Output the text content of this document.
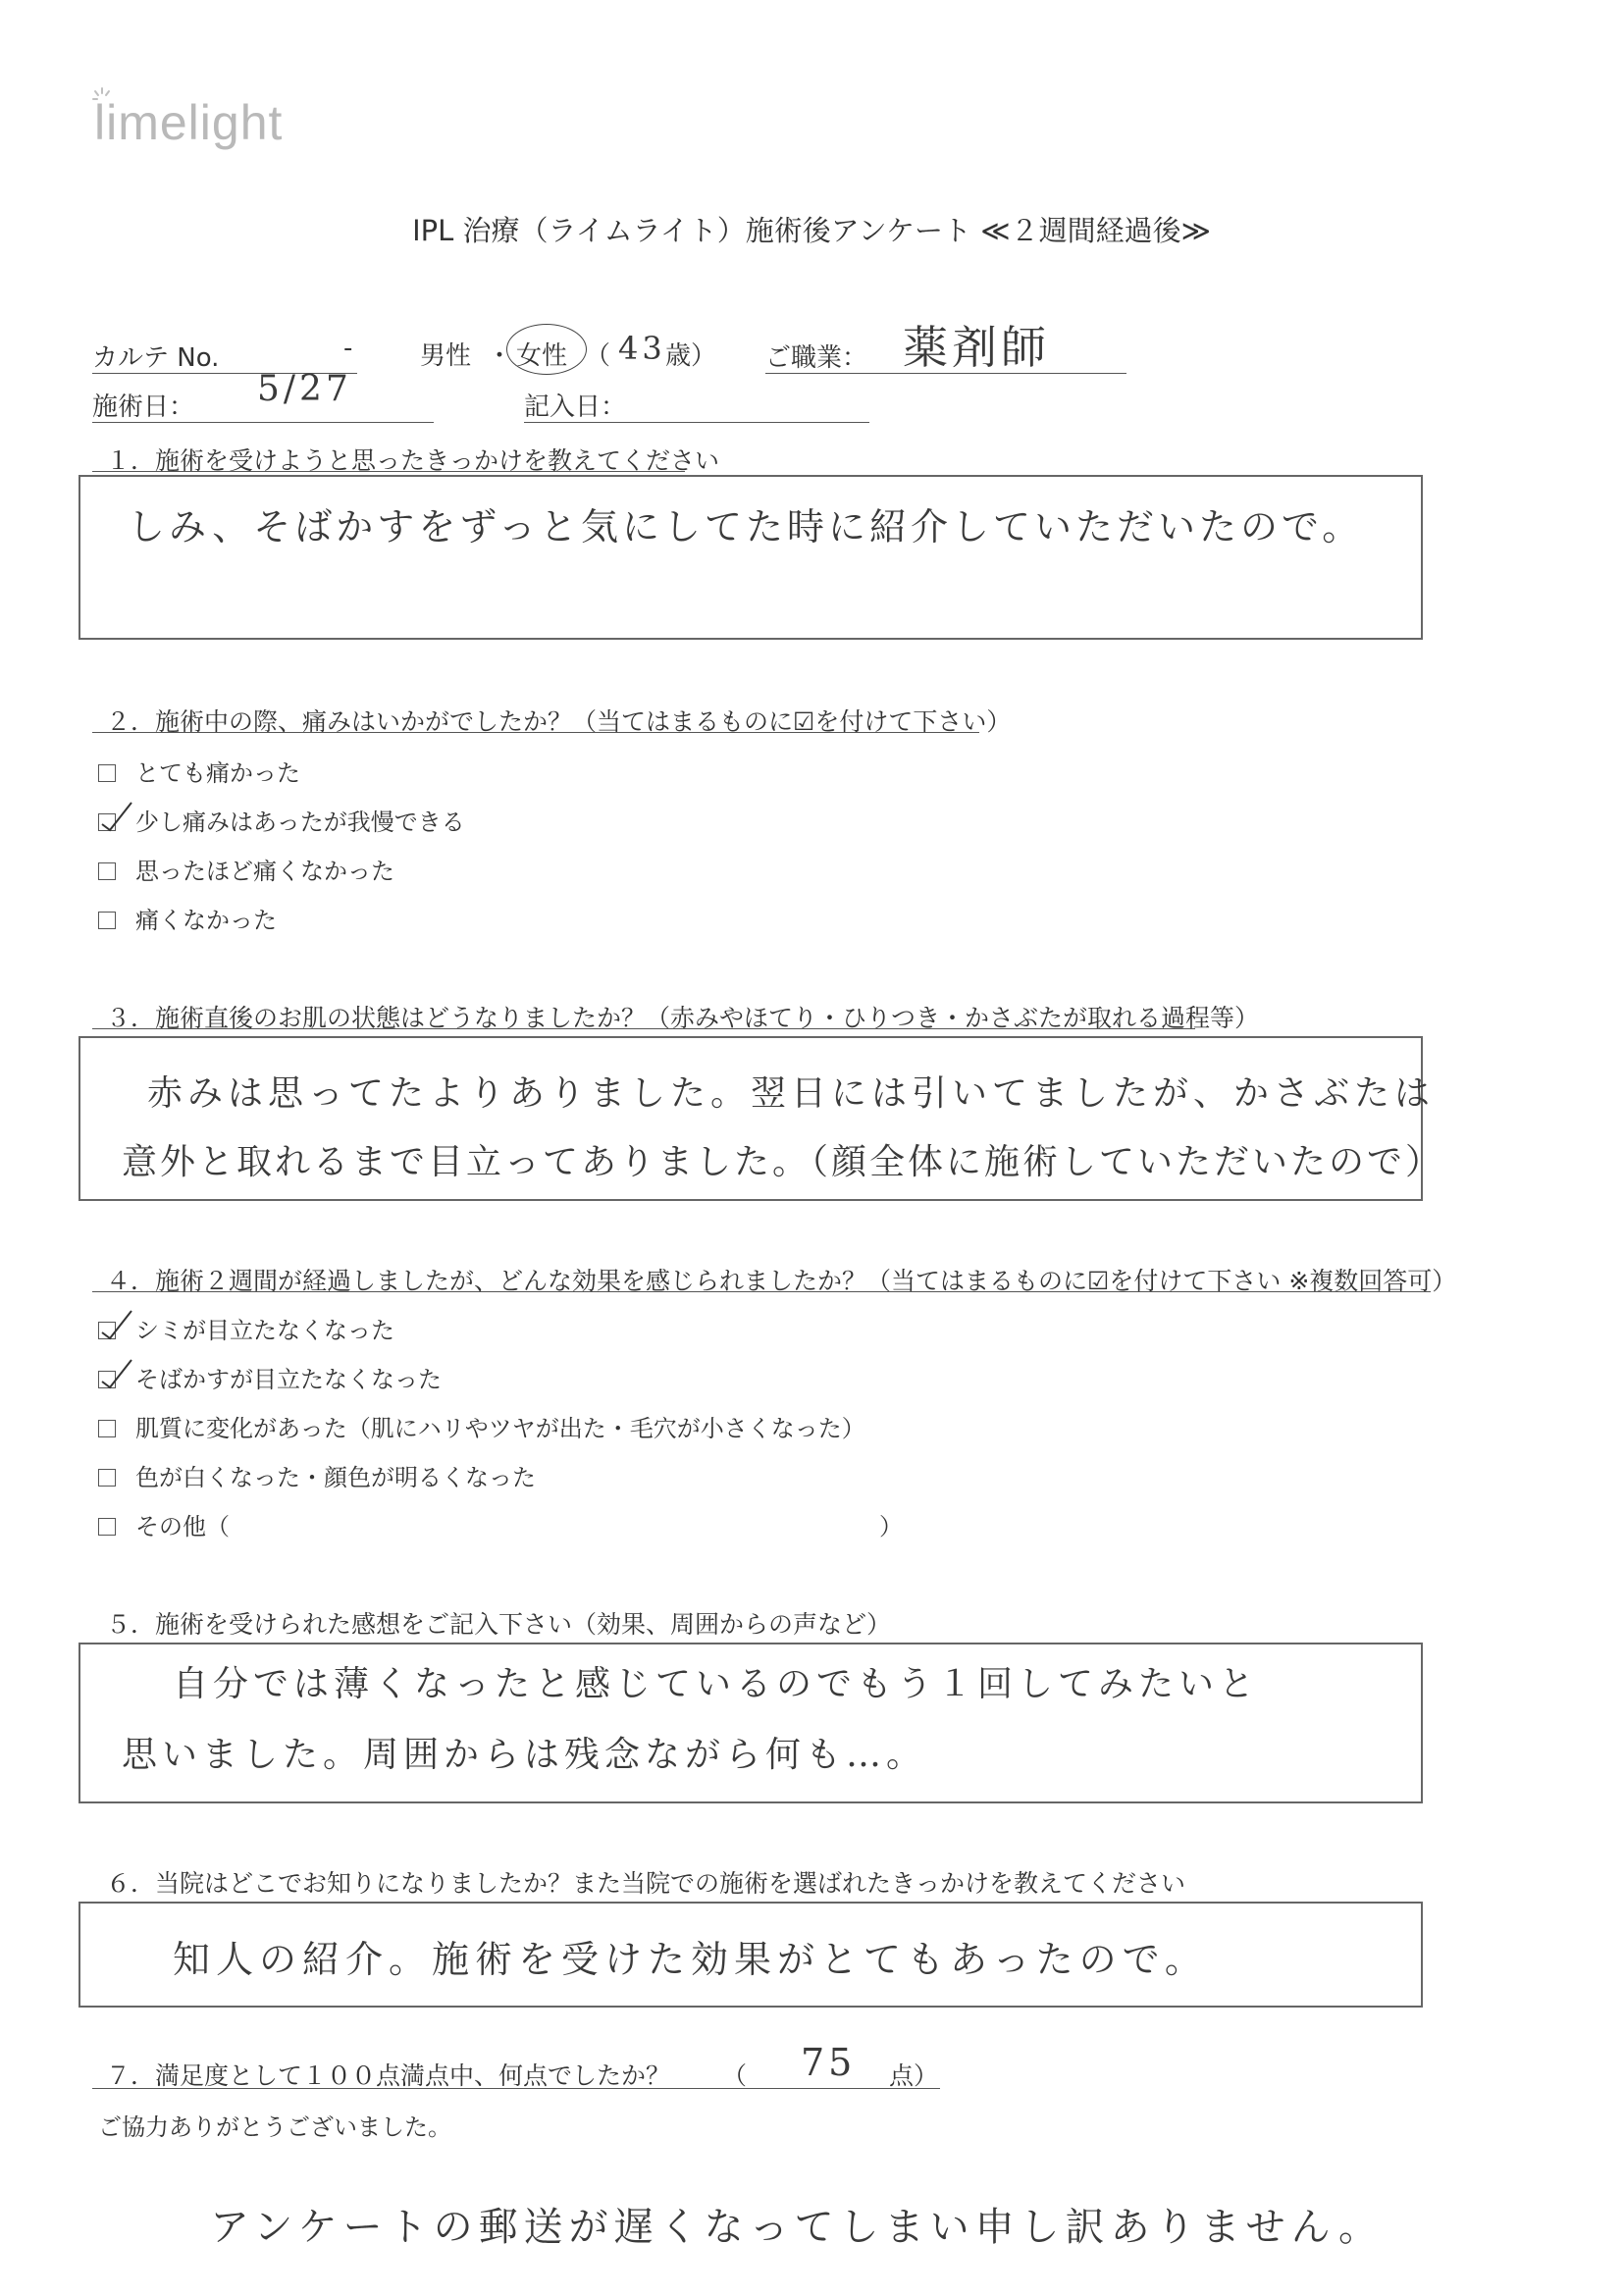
limelight
IPL 治療（ライムライト）施術後アンケート ≪２週間経過後≫
カルテ No.	-	男性 ・ 女性 （ 43 歳） ご職業： 薬剤師
施術日： 5/27	記入日：
１．施術を受けようと思ったきっかけを教えてください
しみ、そばかすをずっと気にしてた時に紹介していただいたので。
２．施術中の際、痛みはいかがでしたか？（当てはまるものに☑を付けて下さい）
とても痛かった
少し痛みはあったが我慢できる
思ったほど痛くなかった
痛くなかった
３．施術直後のお肌の状態はどうなりましたか？（赤みやほてり・ひりつき・かさぶたが取れる過程等）
赤みは思ってたよりありました。翌日には引いてましたが、かさぶたは
意外と取れるまで目立ってありました。（顔全体に施術していただいたので）
４．施術２週間が経過しましたが、どんな効果を感じられましたか？（当てはまるものに☑を付けて下さい ※複数回答可）
シミが目立たなくなった
そばかすが目立たなくなった
肌質に変化があった（肌にハリやツヤが出た・毛穴が小さくなった）
色が白くなった・顔色が明るくなった
その他（	）
５．施術を受けられた感想をご記入下さい（効果、周囲からの声など）
自分では薄くなったと感じているのでもう１回してみたいと
思いました。周囲からは残念ながら何も…。
６．当院はどこでお知りになりましたか？また当院での施術を選ばれたきっかけを教えてください
知人の紹介。施術を受けた効果がとてもあったので。
７．満足度として１００点満点中、何点でしたか？ （ 75 点）
ご協力ありがとうございました。
アンケートの郵送が遅くなってしまい申し訳ありません。
